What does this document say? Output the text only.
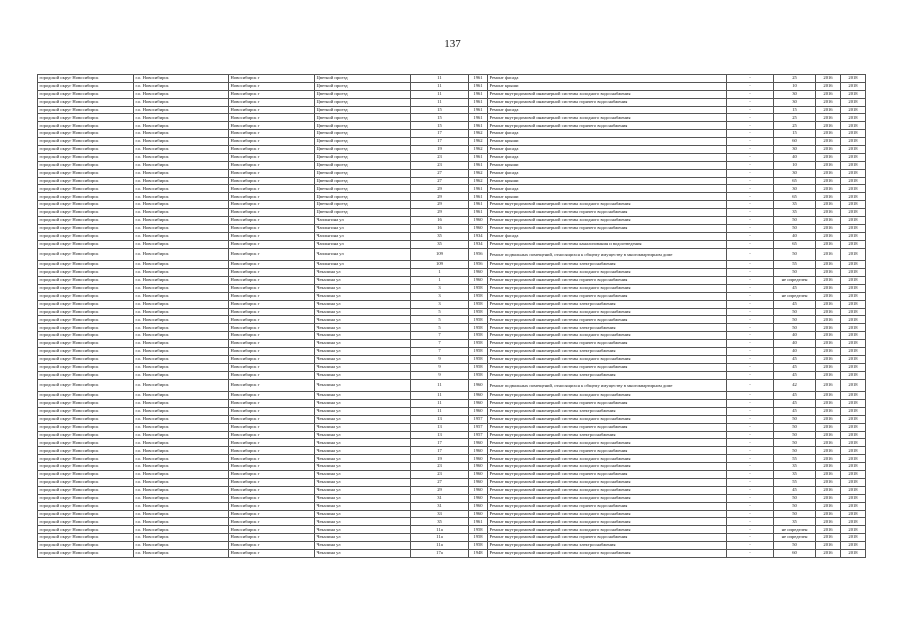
137
городской округ Новосибирск	г.о. Новосибирск	Новосибирск г	Цветной проезд	11	1961	Ремонт фасада	-	25	2016	2018
городской округ Новосибирск	г.о. Новосибирск	Новосибирск г	Цветной проезд	11	1961	Ремонт крыши	-	10	2016	2018
городской округ Новосибирск	г.о. Новосибирск	Новосибирск г	Цветной проезд	11	1961	Ремонт внутридомовой инженерной системы холодного водоснабжения	-	30	2016	2018
городской округ Новосибирск	г.о. Новосибирск	Новосибирск г	Цветной проезд	11	1961	Ремонт внутридомовой инженерной системы горячего водоснабжения	-	30	2016	2018
городской округ Новосибирск	г.о. Новосибирск	Новосибирск г	Цветной проезд	15	1961	Ремонт фасада	-	15	2016	2018
городской округ Новосибирск	г.о. Новосибирск	Новосибирск г	Цветной проезд	15	1961	Ремонт внутридомовой инженерной системы холодного водоснабжения	-	25	2016	2018
городской округ Новосибирск	г.о. Новосибирск	Новосибирск г	Цветной проезд	15	1961	Ремонт внутридомовой инженерной системы горячего водоснабжения	-	25	2016	2018
городской округ Новосибирск	г.о. Новосибирск	Новосибирск г	Цветной проезд	17	1962	Ремонт фасада	-	15	2016	2018
городской округ Новосибирск	г.о. Новосибирск	Новосибирск г	Цветной проезд	17	1962	Ремонт крыши	-	60	2016	2018
городской округ Новосибирск	г.о. Новосибирск	Новосибирск г	Цветной проезд	19	1962	Ремонт фасада	-	30	2016	2018
городской округ Новосибирск	г.о. Новосибирск	Новосибирск г	Цветной проезд	23	1961	Ремонт фасада	-	40	2016	2018
городской округ Новосибирск	г.о. Новосибирск	Новосибирск г	Цветной проезд	23	1961	Ремонт крыши	-	10	2016	2018
городской округ Новосибирск	г.о. Новосибирск	Новосибирск г	Цветной проезд	27	1962	Ремонт фасада	-	30	2016	2018
городской округ Новосибирск	г.о. Новосибирск	Новосибирск г	Цветной проезд	27	1962	Ремонт крыши	-	65	2016	2018
городской округ Новосибирск	г.о. Новосибирск	Новосибирск г	Цветной проезд	29	1961	Ремонт фасада	-	30	2016	2018
городской округ Новосибирск	г.о. Новосибирск	Новосибирск г	Цветной проезд	29	1961	Ремонт крыши	-	65	2016	2018
городской округ Новосибирск	г.о. Новосибирск	Новосибирск г	Цветной проезд	29	1961	Ремонт внутридомовой инженерной системы холодного водоснабжения	-	35	2016	2018
городской округ Новосибирск	г.о. Новосибирск	Новосибирск г	Цветной проезд	29	1961	Ремонт внутридомовой инженерной системы горячего водоснабжения	-	35	2016	2018
городской округ Новосибирск	г.о. Новосибирск	Новосибирск г	Чаплыгина ул	16	1960	Ремонт внутридомовой инженерной системы холодного водоснабжения	-	50	2016	2018
городской округ Новосибирск	г.о. Новосибирск	Новосибирск г	Чаплыгина ул	16	1960	Ремонт внутридомовой инженерной системы горячего водоснабжения	-	50	2016	2018
городской округ Новосибирск	г.о. Новосибирск	Новосибирск г	Чаплыгина ул	35	1934	Ремонт фасада	-	40	2016	2018
городской округ Новосибирск	г.о. Новосибирск	Новосибирск г	Чаплыгина ул	35	1934	Ремонт внутридомовой инженерной системы канализования и водоотведения	-	65	2016	2018
городской округ Новосибирск	г.о. Новосибирск	Новосибирск г	Чаплыгина ул	109	1956	Ремонт подвальных помещений, относящихся к общему имуществу в многоквартирном доме	-	50	2016	2018
городской округ Новосибирск	г.о. Новосибирск	Новосибирск г	Чаплыгина ул	109	1956	Ремонт внутридомовой инженерной системы электроснабжения	-	55	2016	2018
городской округ Новосибирск	г.о. Новосибирск	Новосибирск г	Чекалина ул	1	1960	Ремонт внутридомовой инженерной системы холодного водоснабжения	-	50	2016	2018
городской округ Новосибирск	г.о. Новосибирск	Новосибирск г	Чекалина ул	1	1960	Ремонт внутридомовой инженерной системы горячего водоснабжения	-	не определен	2016	2018
городской округ Новосибирск	г.о. Новосибирск	Новосибирск г	Чекалина ул	3	1958	Ремонт внутридомовой инженерной системы холодного водоснабжения	-	45	2016	2018
городской округ Новосибирск	г.о. Новосибирск	Новосибирск г	Чекалина ул	3	1958	Ремонт внутридомовой инженерной системы горячего водоснабжения	-	не определен	2016	2018
городской округ Новосибирск	г.о. Новосибирск	Новосибирск г	Чекалина ул	3	1958	Ремонт внутридомовой инженерной системы электроснабжения	-	45	2016	2018
городской округ Новосибирск	г.о. Новосибирск	Новосибирск г	Чекалина ул	5	1958	Ремонт внутридомовой инженерной системы холодного водоснабжения	-	50	2016	2018
городской округ Новосибирск	г.о. Новосибирск	Новосибирск г	Чекалина ул	5	1958	Ремонт внутридомовой инженерной системы горячего водоснабжения	-	50	2016	2018
городской округ Новосибирск	г.о. Новосибирск	Новосибирск г	Чекалина ул	5	1958	Ремонт внутридомовой инженерной системы электроснабжения	-	50	2016	2018
городской округ Новосибирск	г.о. Новосибирск	Новосибирск г	Чекалина ул	7	1958	Ремонт внутридомовой инженерной системы холодного водоснабжения	-	40	2016	2018
городской округ Новосибирск	г.о. Новосибирск	Новосибирск г	Чекалина ул	7	1958	Ремонт внутридомовой инженерной системы горячего водоснабжения	-	40	2016	2018
городской округ Новосибирск	г.о. Новосибирск	Новосибирск г	Чекалина ул	7	1958	Ремонт внутридомовой инженерной системы электроснабжения	-	40	2016	2018
городской округ Новосибирск	г.о. Новосибирск	Новосибирск г	Чекалина ул	9	1958	Ремонт внутридомовой инженерной системы холодного водоснабжения	-	45	2016	2018
городской округ Новосибирск	г.о. Новосибирск	Новосибирск г	Чекалина ул	9	1958	Ремонт внутридомовой инженерной системы горячего водоснабжения	-	45	2016	2018
городской округ Новосибирск	г.о. Новосибирск	Новосибирск г	Чекалина ул	9	1958	Ремонт внутридомовой инженерной системы электроснабжения	-	45	2016	2018
городской округ Новосибирск	г.о. Новосибирск	Новосибирск г	Чекалина ул	11	1960	Ремонт подвальных помещений, относящихся к общему имуществу в многоквартирном доме	-	42	2016	2018
городской округ Новосибирск	г.о. Новосибирск	Новосибирск г	Чекалина ул	11	1960	Ремонт внутридомовой инженерной системы холодного водоснабжения	-	45	2016	2018
городской округ Новосибирск	г.о. Новосибирск	Новосибирск г	Чекалина ул	11	1960	Ремонт внутридомовой инженерной системы горячего водоснабжения	-	45	2016	2018
городской округ Новосибирск	г.о. Новосибирск	Новосибирск г	Чекалина ул	11	1960	Ремонт внутридомовой инженерной системы электроснабжения	-	45	2016	2018
городской округ Новосибирск	г.о. Новосибирск	Новосибирск г	Чекалина ул	13	1957	Ремонт внутридомовой инженерной системы холодного водоснабжения	-	50	2016	2018
городской округ Новосибирск	г.о. Новосибирск	Новосибирск г	Чекалина ул	13	1957	Ремонт внутридомовой инженерной системы горячего водоснабжения	-	50	2016	2018
городской округ Новосибирск	г.о. Новосибирск	Новосибирск г	Чекалина ул	13	1957	Ремонт внутридомовой инженерной системы электроснабжения	-	50	2016	2018
городской округ Новосибирск	г.о. Новосибирск	Новосибирск г	Чекалина ул	17	1960	Ремонт внутридомовой инженерной системы холодного водоснабжения	-	50	2016	2018
городской округ Новосибирск	г.о. Новосибирск	Новосибирск г	Чекалина ул	17	1960	Ремонт внутридомовой инженерной системы горячего водоснабжения	-	50	2016	2018
городской округ Новосибирск	г.о. Новосибирск	Новосибирск г	Чекалина ул	19	1960	Ремонт внутридомовой инженерной системы холодного водоснабжения	-	55	2016	2018
городской округ Новосибирск	г.о. Новосибирск	Новосибирск г	Чекалина ул	23	1960	Ремонт внутридомовой инженерной системы холодного водоснабжения	-	35	2016	2018
городской округ Новосибирск	г.о. Новосибирск	Новосибирск г	Чекалина ул	23	1960	Ремонт внутридомовой инженерной системы горячего водоснабжения	-	35	2016	2018
городской округ Новосибирск	г.о. Новосибирск	Новосибирск г	Чекалина ул	27	1960	Ремонт внутридомовой инженерной системы холодного водоснабжения	-	55	2016	2018
городской округ Новосибирск	г.о. Новосибирск	Новосибирск г	Чекалина ул	29	1960	Ремонт внутридомовой инженерной системы холодного водоснабжения	-	45	2016	2018
городской округ Новосибирск	г.о. Новосибирск	Новосибирск г	Чекалина ул	31	1960	Ремонт внутридомовой инженерной системы холодного водоснабжения	-	50	2016	2018
городской округ Новосибирск	г.о. Новосибирск	Новосибирск г	Чекалина ул	31	1960	Ремонт внутридомовой инженерной системы горячего водоснабжения	-	50	2016	2018
городской округ Новосибирск	г.о. Новосибирск	Новосибирск г	Чекалина ул	33	1960	Ремонт внутридомовой инженерной системы холодного водоснабжения	-	50	2016	2018
городской округ Новосибирск	г.о. Новосибирск	Новосибирск г	Чекалина ул	35	1961	Ремонт внутридомовой инженерной системы холодного водоснабжения	-	35	2016	2018
городской округ Новосибирск	г.о. Новосибирск	Новосибирск г	Чекалина ул	11а	1958	Ремонт внутридомовой инженерной системы холодного водоснабжения	-	не определен	2016	2018
городской округ Новосибирск	г.о. Новосибирск	Новосибирск г	Чекалина ул	11а	1958	Ремонт внутридомовой инженерной системы горячего водоснабжения	-	не определен	2016	2018
городской округ Новосибирск	г.о. Новосибирск	Новосибирск г	Чекалина ул	11а	1958	Ремонт внутридомовой инженерной системы электроснабжения	-	50	2016	2018
городской округ Новосибирск	г.о. Новосибирск	Новосибирск г	Чекалина ул	17а	1948	Ремонт внутридомовой инженерной системы холодного водоснабжения	-	60	2016	2018
